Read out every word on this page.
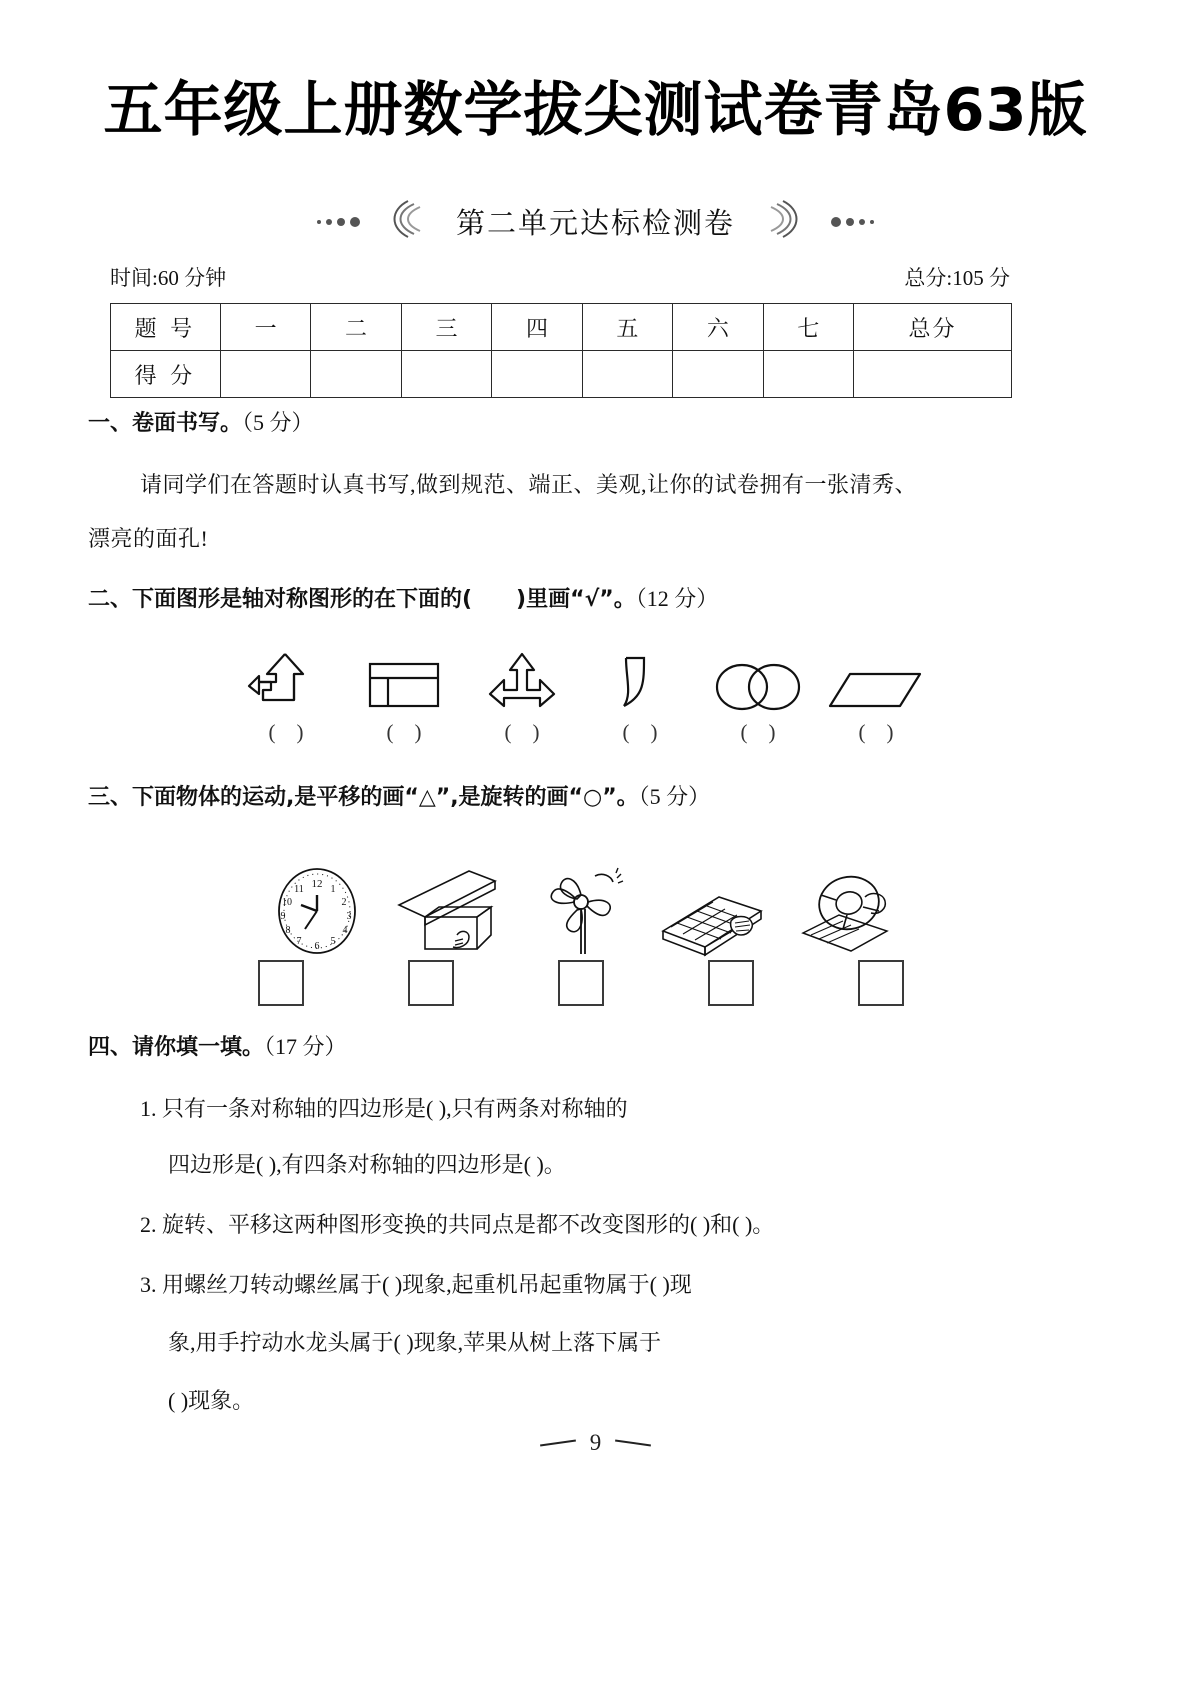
五年级上册数学拔尖测试卷青岛63版
第二单元达标检测卷
时间:60 分钟	总分:105 分
题 号	一	二	三	四	五	六	七	总分
得 分								
一、卷面书写。（5 分）
请同学们在答题时认真书写,做到规范、端正、美观,让你的试卷拥有一张清秀、
漂亮的面孔!
二、下面图形是轴对称图形的在下面的(　　)里画“√”。（12 分）
(　)	(　)	(　)	(　)	(　)	(　)
三、下面物体的运动,是平移的画“△”,是旋转的画“○”。（5 分）
12
11
10
9
8
7 6 5
4
3
2
1
四、请你填一填。（17 分）
1. 只有一条对称轴的四边形是( ),只有两条对称轴的
四边形是( ),有四条对称轴的四边形是( )。
2. 旋转、平移这两种图形变换的共同点是都不改变图形的( )和( )。
3. 用螺丝刀转动螺丝属于( )现象,起重机吊起重物属于( )现
象,用手拧动水龙头属于( )现象,苹果从树上落下属于
( )现象。
9
